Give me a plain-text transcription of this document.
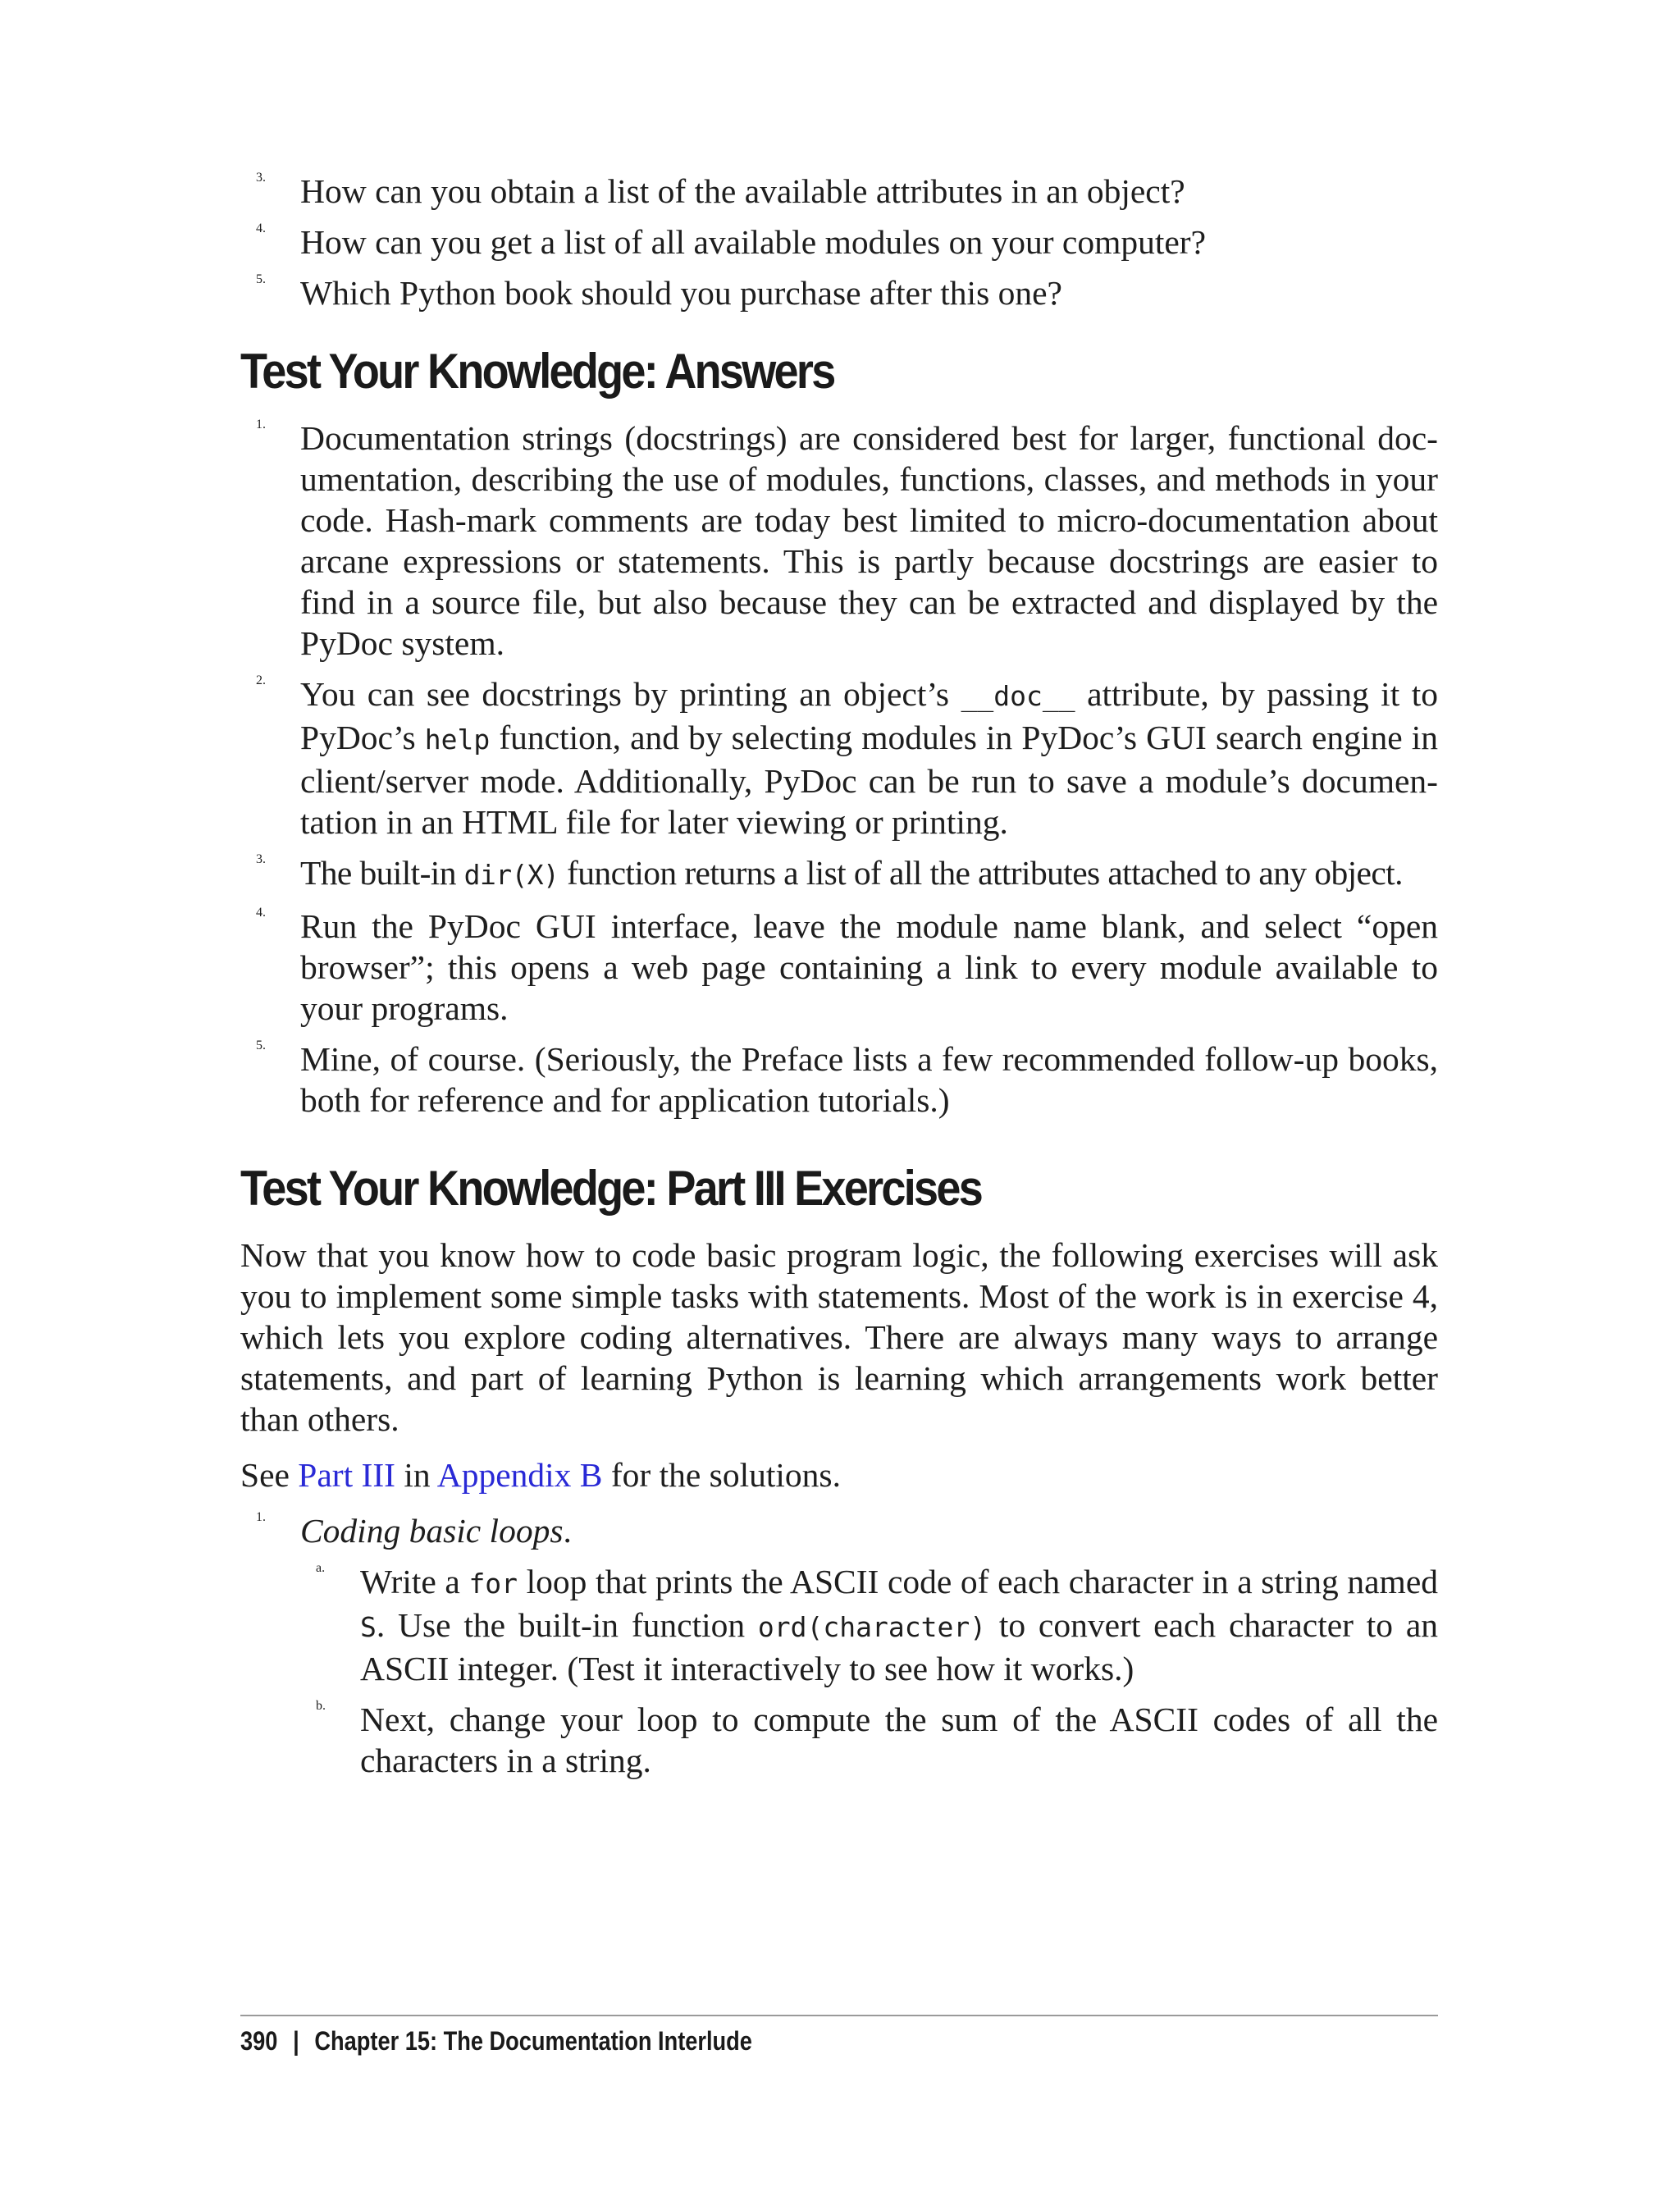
3.	How can you obtain a list of the available attributes in an object?

4.	How can you get a list of all available modules on your computer?

5.	Which Python book should you purchase after this one?

Test Your Knowledge: Answers
1.	Documentation strings (docstrings) are considered best for larger, functional documentation, describing the use of modules, functions, classes, and methods in your code. Hash-mark comments are today best limited to micro-documentation about arcane expressions or statements. This is partly because docstrings are easier to find in a source file, but also because they can be extracted and displayed by the PyDoc system.

2.	You can see docstrings by printing an object’s __doc__ attribute, by passing it to PyDoc’s help function, and by selecting modules in PyDoc’s GUI search engine in client/server mode. Additionally, PyDoc can be run to save a module’s documentation in an HTML file for later viewing or printing.

3.	The built-in dir(X) function returns a list of all the attributes attached to any object.

4.	Run the PyDoc GUI interface, leave the module name blank, and select “open browser”; this opens a web page containing a link to every module available to your programs.

5.	Mine, of course. (Seriously, the Preface lists a few recommended follow-up books, both for reference and for application tutorials.)

Test Your Knowledge: Part III Exercises

Now that you know how to code basic program logic, the following exercises will ask you to implement some simple tasks with statements. Most of the work is in exercise 4, which lets you explore coding alternatives. There are always many ways to arrange statements, and part of learning Python is learning which arrangements work better than others.

See Part III in Appendix B for the solutions.

1.	Coding basic loops.

a. Write a for loop that prints the ASCII code of each character in a string named S. Use the built-in function ord(character) to convert each character to an ASCII integer. (Test it interactively to see how it works.)

b. Next, change your loop to compute the sum of the ASCII codes of all the characters in a string.

390 | Chapter 15: The Documentation Interlude
